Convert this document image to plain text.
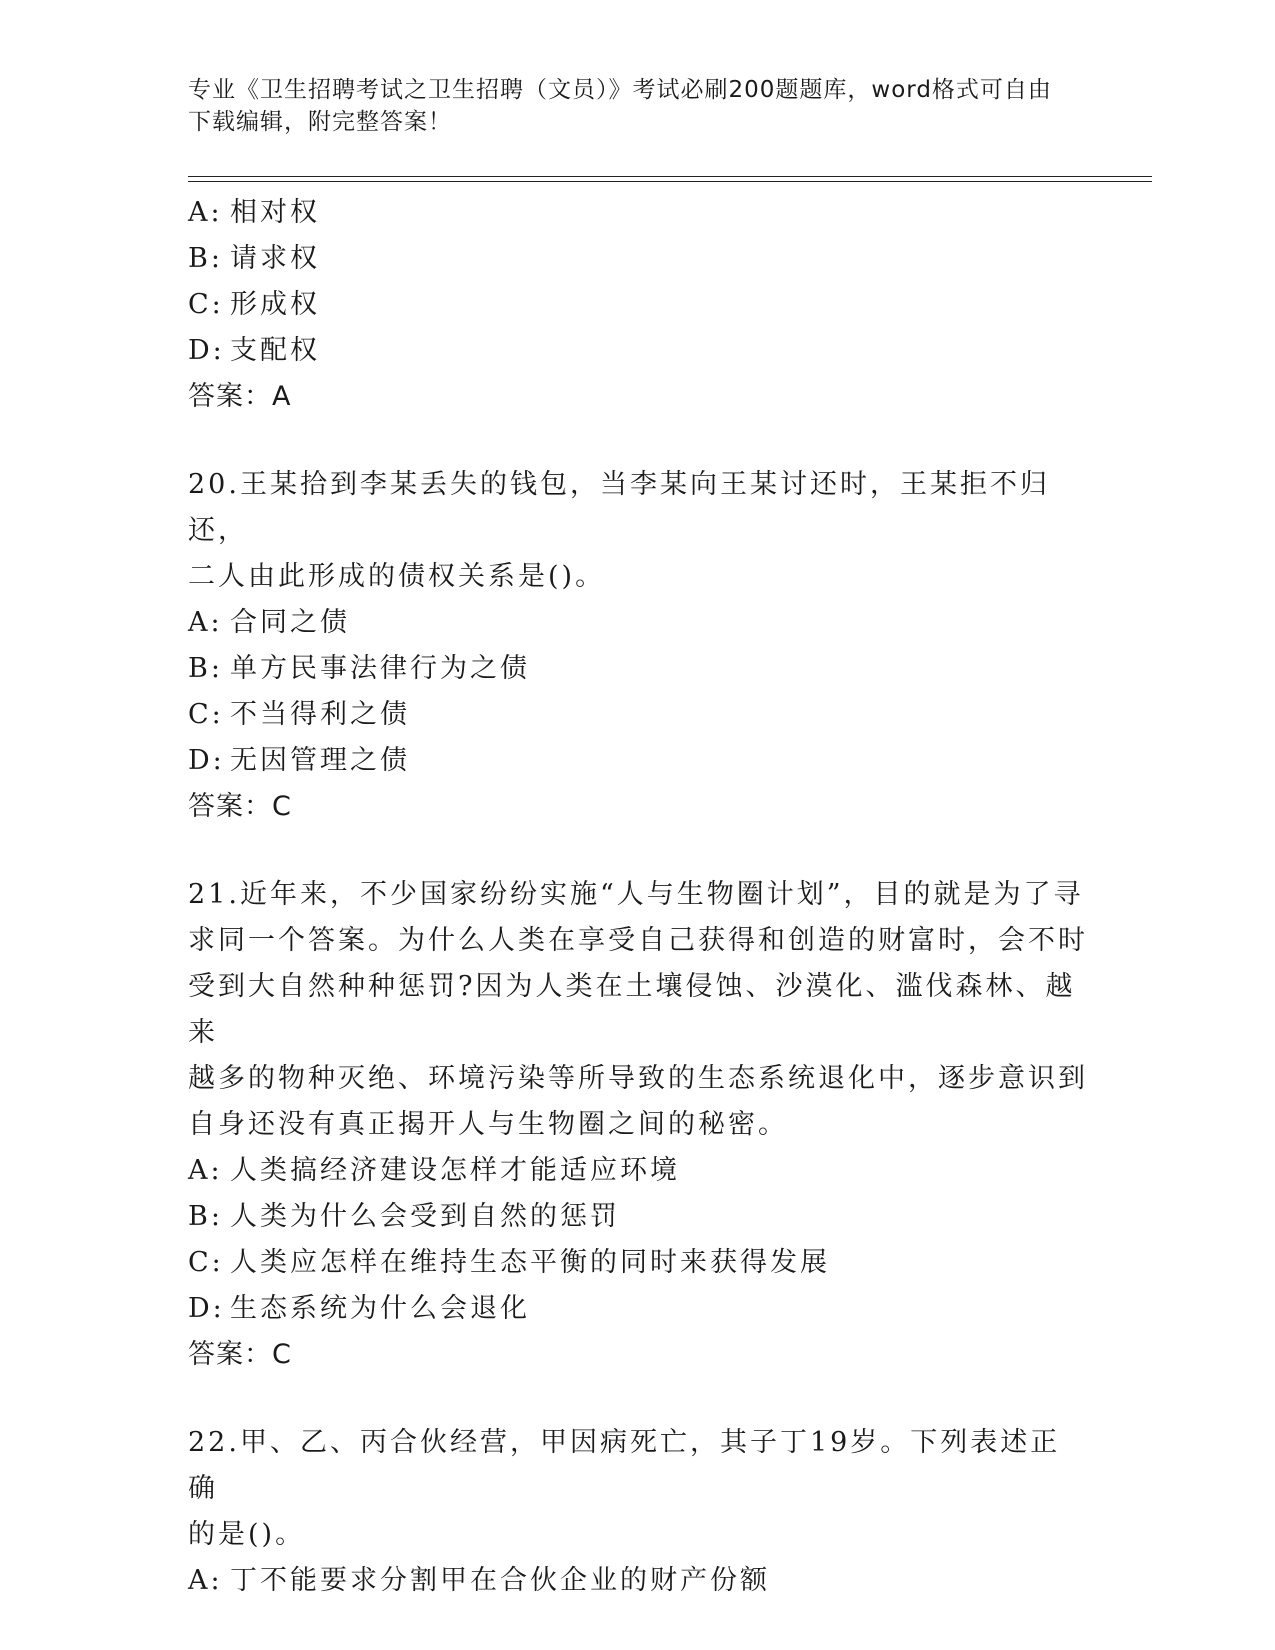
专业《卫生招聘考试之卫生招聘（文员）》考试必刷200题题库，word格式可自由下载编辑，附完整答案！
A: 相对权
B: 请求权
C: 形成权
D: 支配权
答案：A
20.王某拾到李某丢失的钱包，当李某向王某讨还时，王某拒不归还，
二人由此形成的债权关系是()。
A: 合同之债
B: 单方民事法律行为之债
C: 不当得利之债
D: 无因管理之债
答案：C
21.近年来，不少国家纷纷实施“人与生物圈计划”，目的就是为了寻
求同一个答案。为什么人类在享受自己获得和创造的财富时，会不时
受到大自然种种惩罚?因为人类在土壤侵蚀、沙漠化、滥伐森林、越来
越多的物种灭绝、环境污染等所导致的生态系统退化中，逐步意识到
自身还没有真正揭开人与生物圈之间的秘密。
A: 人类搞经济建设怎样才能适应环境
B: 人类为什么会受到自然的惩罚
C: 人类应怎样在维持生态平衡的同时来获得发展
D: 生态系统为什么会退化
答案：C
22.甲、乙、丙合伙经营，甲因病死亡，其子丁19岁。下列表述正确
的是()。
A: 丁不能要求分割甲在合伙企业的财产份额
